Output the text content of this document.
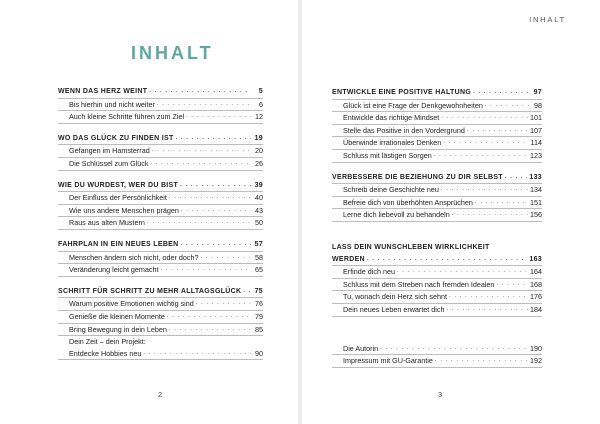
INHALT
WENN DAS HERZ WEINT . . .	5
Bis hierhin und nicht weiter . . .	6
Auch kleine Schritte führen zum Ziel . . .	12
WO DAS GLÜCK ZU FINDEN IST . . .	19
Gefangen im Hamsterrad . . .	20
Die Schlüssel zum Glück . . .	26
WIE DU WURDEST, WER DU BIST . . .	39
Der Einfluss der Persönlichkeit . . .	40
Wie uns andere Menschen prägen . . .	43
Raus aus alten Mustern . . .	50
FAHRPLAN IN EIN NEUES LEBEN . . .	57
Menschen ändern sich nicht, oder doch? . . .	58
Veränderung leicht gemacht . . .	65
SCHRITT FÜR SCHRITT ZU MEHR ALLTAGSGLÜCK . . . 75
Warum positive Emotionen wichtig sind . . .	76
Genieße die kleinen Momente . . .	79
Bring Bewegung in dein Leben . . .	85
Dein Zeit – dein Projekt:
Entdecke Hobbies neu . . .	90
2
INHALT
ENTWICKLE EINE POSITIVE HALTUNG . . .	97
Glück ist eine Frage der Denkgewohnheiten . . .	98
Entwickle das richtige Mindset . . .	101
Stelle das Positive in den Vordergrund . . .	107
Überwinde irrationales Denken . . .	114
Schluss mit lästigen Sorgen . . .	123
VERBESSERE DIE BEZIEHUNG ZU DIR SELBST . . .	133
Schreib deine Geschichte neu . . .	134
Befreie dich von überhöhten Ansprüchen . . .	151
Lerne dich liebevoll zu behandeln . . .	156
LASS DEIN WUNSCHLEBEN WIRKLICHKEIT
WERDEN . . .	163
Erfinde dich neu . . .	164
Schluss mit dem Streben nach fremden Idealen . . .	168
Tu, wonach dein Herz sich sehnt . . .	176
Dein neues Leben erwartet dich . . .	184
Die Autorin . . .	190
Impressum mit GU-Garantie . . .	192
3
